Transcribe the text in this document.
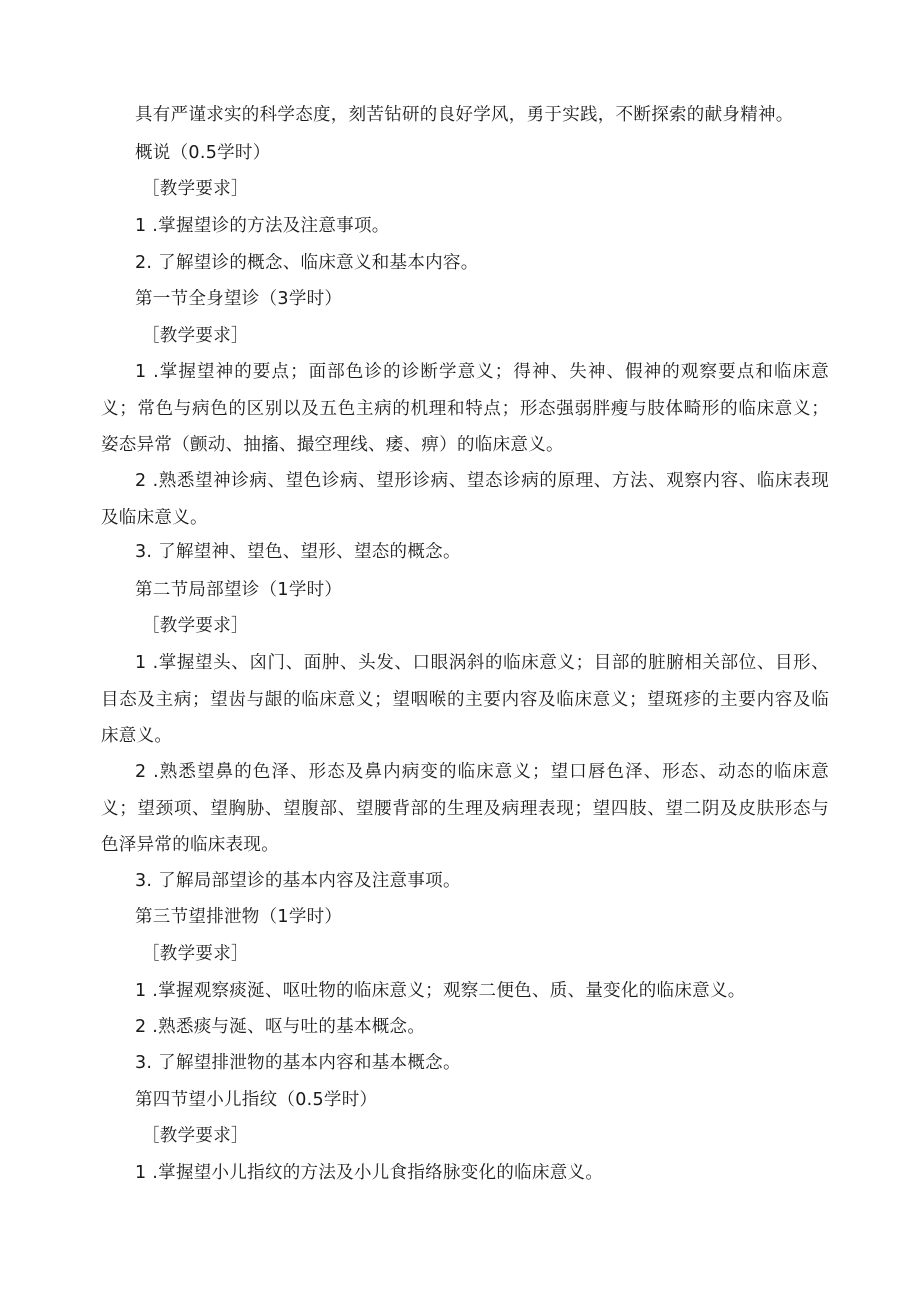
具有严谨求实的科学态度，刻苦钻研的良好学风，勇于实践，不断探索的献身精神。
概说（0.5学时）
［教学要求］
1 .掌握望诊的方法及注意事项。
2. 了解望诊的概念、临床意义和基本内容。
第一节全身望诊（3学时）
［教学要求］

1 .掌握望神的要点；面部色诊的诊断学意义；得神、失神、假神的观察要点和临床意义；常色与病色的区别以及五色主病的机理和特点；形态强弱胖瘦与肢体畸形的临床意义；姿态异常（颤动、抽搐、撮空理线、痿、痹）的临床意义。

2 .熟悉望神诊病、望色诊病、望形诊病、望态诊病的原理、方法、观察内容、临床表现及临床意义。

3. 了解望神、望色、望形、望态的概念。
第二节局部望诊（1学时）
［教学要求］

1 .掌握望头、囟门、面肿、头发、口眼涡斜的临床意义；目部的脏腑相关部位、目形、目态及主病；望齿与龈的临床意义；望咽喉的主要内容及临床意义；望斑疹的主要内容及临床意义。

2 .熟悉望鼻的色泽、形态及鼻内病变的临床意义；望口唇色泽、形态、动态的临床意义；望颈项、望胸胁、望腹部、望腰背部的生理及病理表现；望四肢、望二阴及皮肤形态与色泽异常的临床表现。

3. 了解局部望诊的基本内容及注意事项。
第三节望排泄物（1学时）
［教学要求］
1 .掌握观察痰涎、呕吐物的临床意义；观察二便色、质、量变化的临床意义。
2 .熟悉痰与涎、呕与吐的基本概念。
3. 了解望排泄物的基本内容和基本概念。
第四节望小儿指纹（0.5学时）
［教学要求］
1 .掌握望小儿指纹的方法及小儿食指络脉变化的临床意义。
